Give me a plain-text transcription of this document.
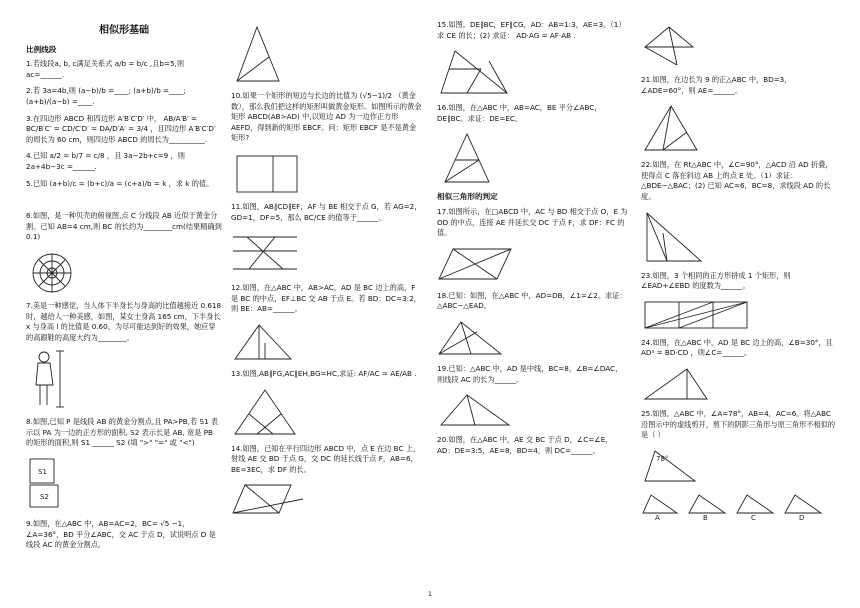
相似形基础
比例线段
1.若线段a, b, c满足关系式 a/b = b/c ,且b=5,则ac=______.
2.若 3a=4b,则 (a−b)/b =____; (a+b)/b =____; (a+b)/(a−b) =____.
3.在四边形 ABCD 和四边形 A′B′C′D′ 中， AB/A′B′ = BC/B′C′ = CD/C′D′ = DA/D′A′ = 3/4 ，且四边形 A′B′C′D′ 的周长为 60 cm，则四边形 ABCD 的周长为__________.
4.已知 a/2 = b/7 = c/8 ，且 3a−2b+c=9 ，则 2a+4b−3c =______.
5.已知 (a+b)/c = (b+c)/a = (c+a)/b = k ，求 k 的值。
6.如图，是一种贝壳的俯视图,点 C 分线段 AB 近似于黄金分割。已知 AB=4 cm,则 BC 的长约为________cm(结果精确到 0.1)
7.美是一种感觉，当人体下半身长与身高的比值越接近 0.618 时，越给人一种美感，如图，某女士身高 165 cm，下半身长 x 与身高 l 的比值是 0.60。为尽可能达到好的效果，她应穿的高跟鞋的高度大约为________。
8.如图,已知 P 是线段 AB 的黄金分割点,且 PA>PB,若 S1 表示以 PA 为一边的正方形的面积, S2 表示长是 AB, 宽是 PB 的矩形的面积,则 S1 ______ S2 (填 ">" "=" 或 "<")
S1
S2
9.如图，在△ABC 中，AB=AC=2，BC= √5 −1，∠A=36°，BD 平分∠ABC，交 AC 于点 D，试说明点 D 是线段 AC 的黄金分割点。
10.如果一个矩形的短边与长边的比值为 (√5−1)/2 （黄金数），那么我们把这样的矩形叫做黄金矩形。如图所示的黄金矩形 ABCD(AB>AD) 中,以短边 AD 为一边作正方形 AEFD，得到新的矩形 EBCF。问：矩形 EBCF 是不是黄金矩形?
11.如图，AB∥CD∥EF，AF 与 BE 相交于点 G，若 AG=2，GD=1，DF=5，那么 BC/CE 的值等于______。
12.如图，在△ABC 中，AB>AC，AD 是 BC 边上的高，F 是 BC 的中点，EF⊥BC 交 AB 于点 E。若 BD：DC=3:2，则 BE：AB=______。
13.如图,AB∥FG,AC∥EH,BG=HC,求证: AF/AC = AE/AB .
14.如图，已知在平行四边形 ABCD 中，点 E 在边 BC 上，射线 AE 交 BD 于点 G，交 DC 的延长线于点 F，AB=6，BE=3EC，求 DF 的长。
15.如图，DE∥BC，EF∥CG，AD：AB=1:3，AE=3。（1）求 CE 的长；(2) 求证： AD·AG = AF·AB .
16.如图，在△ABC 中，AB=AC，BE 平分∠ABC，DE∥BC。求证：DE=EC。
相似三角形的判定
17.如图所示，在□ABCD 中，AC 与 BD 相交于点 O，E 为 OD 的中点，连接 AE 并延长交 DC 于点 F，求 DF：FC 的值。
18.已知：如图，在△ABC 中，AD=DB，∠1=∠2。求证：△ABC∽△EAD。
19.已知：△ABC 中，AD 是中线，BC=8，∠B=∠DAC，则线段 AC 的长为______。
20.如图，在△ABC 中，AE 交 BC 于点 D，∠C=∠E，AD：DE=3:5，AE=8，BD=4，则 DC=______。
21.如图，在边长为 9 的正△ABC 中，BD=3，∠ADE=60°，则 AE=______。
22.如图，在 Rt△ABC 中，∠C=90°，△ACD 沿 AD 折叠，使得点 C 落在斜边 AB 上的点 E 处。（1）求证：△BDE∽△BAC；(2) 已知 AC=6，BC=8，求线段 AD 的长度。
23.如图，3 个相同的正方形拼成 1 个矩形，则∠EAD+∠EBD 的度数为______。
24.如图，在△ABC 中，AD 是 BC 边上的高，∠B=30°，且 AD² = BD·CD ，则∠C=______。
25.如图，△ABC 中，∠A=78°，AB=4，AC=6。将△ABC 沿图示中的虚线剪开，剪下的阴影三角形与原三角形不相似的是（ ）
78°
A	B	C	D
1
